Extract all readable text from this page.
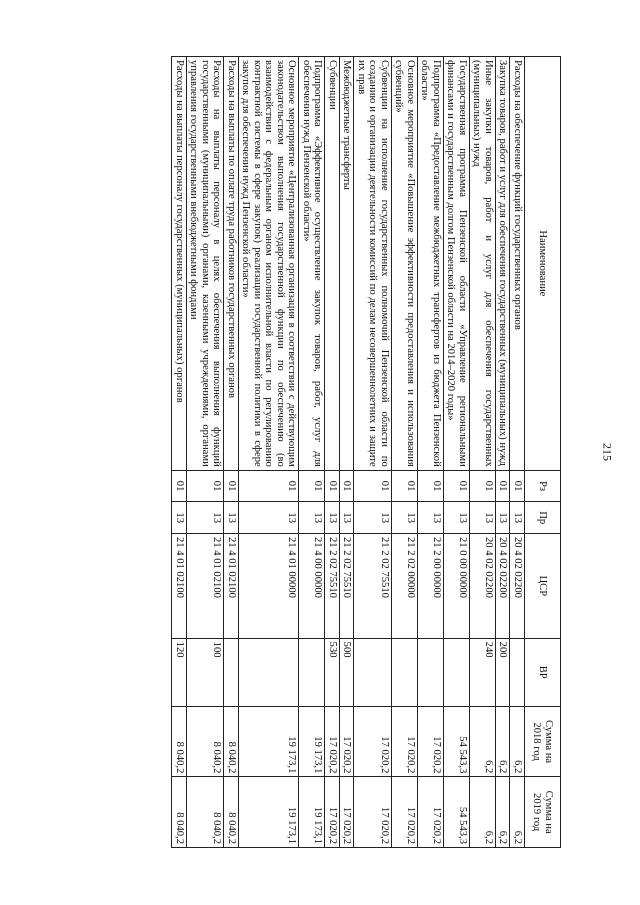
215
Наименование	Рз	Пр	ЦСР	ВР	Сумма на 2018 год	Сумма на 2019 год
Расходы на обеспечение функций государственных органов	01	13	20 4 02 02200		6,2	6,2
Закупка товаров, работ и услуг для обеспечения государственных (муниципальных) нужд	01	13	20 4 02 02200	200	6,2	6,2
Иные закупки товаров, работ и услуг для обеспечения государственных (муниципальных) нужд	01	13	20 4 02 02200	240	6,2	6,2
Государственная программа Пензенской области «Управление региональными финансами и государственным долгом Пензенской области на 2014–2020 годы»	01	13	21 0 00 00000		54 543,3	54 543,3
Подпрограмма «Предоставление межбюджетных трансфертов из бюджета Пензенской области»	01	13	21 2 00 00000		17 020,2	17 020,2
Основное мероприятие «Повышение эффективности предоставления и использования субвенций»	01	13	21 2 02 00000		17 020,2	17 020,2
Субвенции на исполнение государственных полномочий Пензенской области по созданию и организации деятельности комиссий по делам несовершеннолетних и защите их прав	01	13	21 2 02 75510		17 020,2	17 020,2
Межбюджетные трансферты	01	13	21 2 02 75510	500	17 020,2	17 020,2
Субвенции	01	13	21 2 02 75510	530	17 020,2	17 020,2
Подпрограмма «Эффективное осуществление закупок товаров, работ, услуг для обеспечения нужд Пензенской области»	01	13	21 4 00 00000		19 173,1	19 173,1
Основное мероприятие «Централизованная организация в соответствии с действующим законодательством выполнения государственной функции по обеспечению (во взаимодействии с федеральным органом исполнительной власти по регулированию контрактной системы в сфере закупок) реализации государственной политики в сфере закупок для обеспечения нужд Пензенской области»	01	13	21 4 01 00000		19 173,1	19 173,1
Расходы на выплаты по оплате труда работников государственных органов	01	13	21 4 01 02100		8 040,2	8 040,2
Расходы на выплаты персоналу в целях обеспечения выполнения функций государственными (муниципальными) органами, казенными учреждениями, органами управления государственными внебюджетными фондами	01	13	21 4 01 02100	100	8 040,2	8 040,2
Расходы на выплаты персоналу государственных (муниципальных) органов	01	13	21 4 01 02100	120	8 040,2	8 040,2
